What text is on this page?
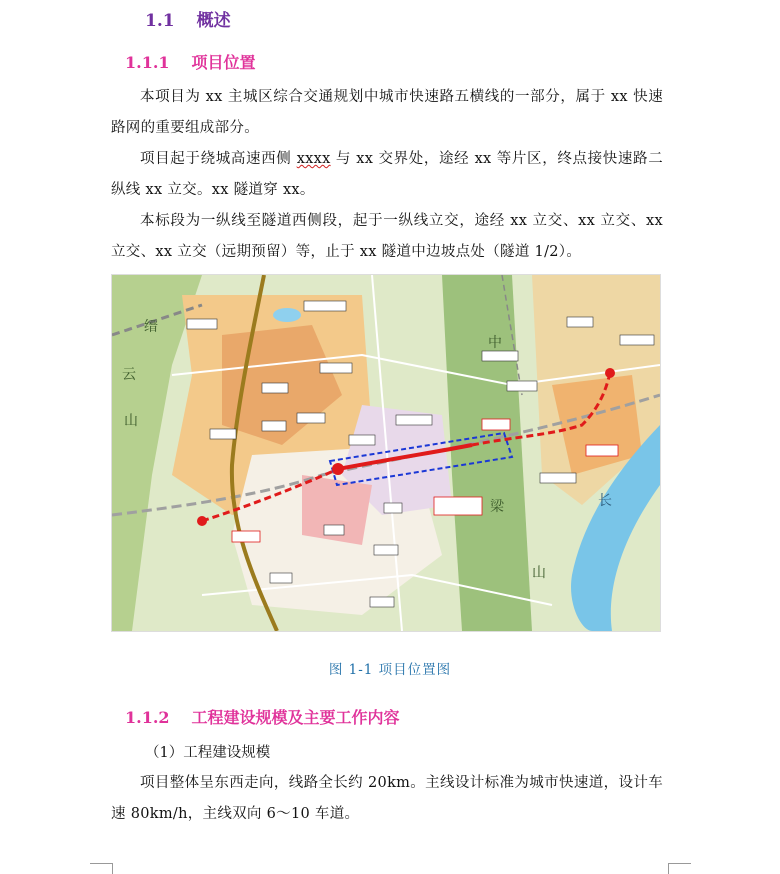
1.1 概述
1.1.1 项目位置
本项目为 xx 主城区综合交通规划中城市快速路五横线的一部分，属于 xx 快速路网的重要组成部分。
项目起于绕城高速西侧 xxxx 与 xx 交界处，途经 xx 等片区，终点接快速路二纵线 xx 立交。xx 隧道穿 xx。
本标段为一纵线至隧道西侧段，起于一纵线立交，途经 xx 立交、xx 立交、xx 立交、xx 立交（远期预留）等，止于 xx 隧道中边坡点处（隧道 1/2）。
缙
云
山
中
梁
山
长
图 1-1 项目位置图
1.1.2 工程建设规模及主要工作内容
（1）工程建设规模
项目整体呈东西走向，线路全长约 20km。主线设计标准为城市快速道，设计车速 80km/h，主线双向 6～10 车道。
